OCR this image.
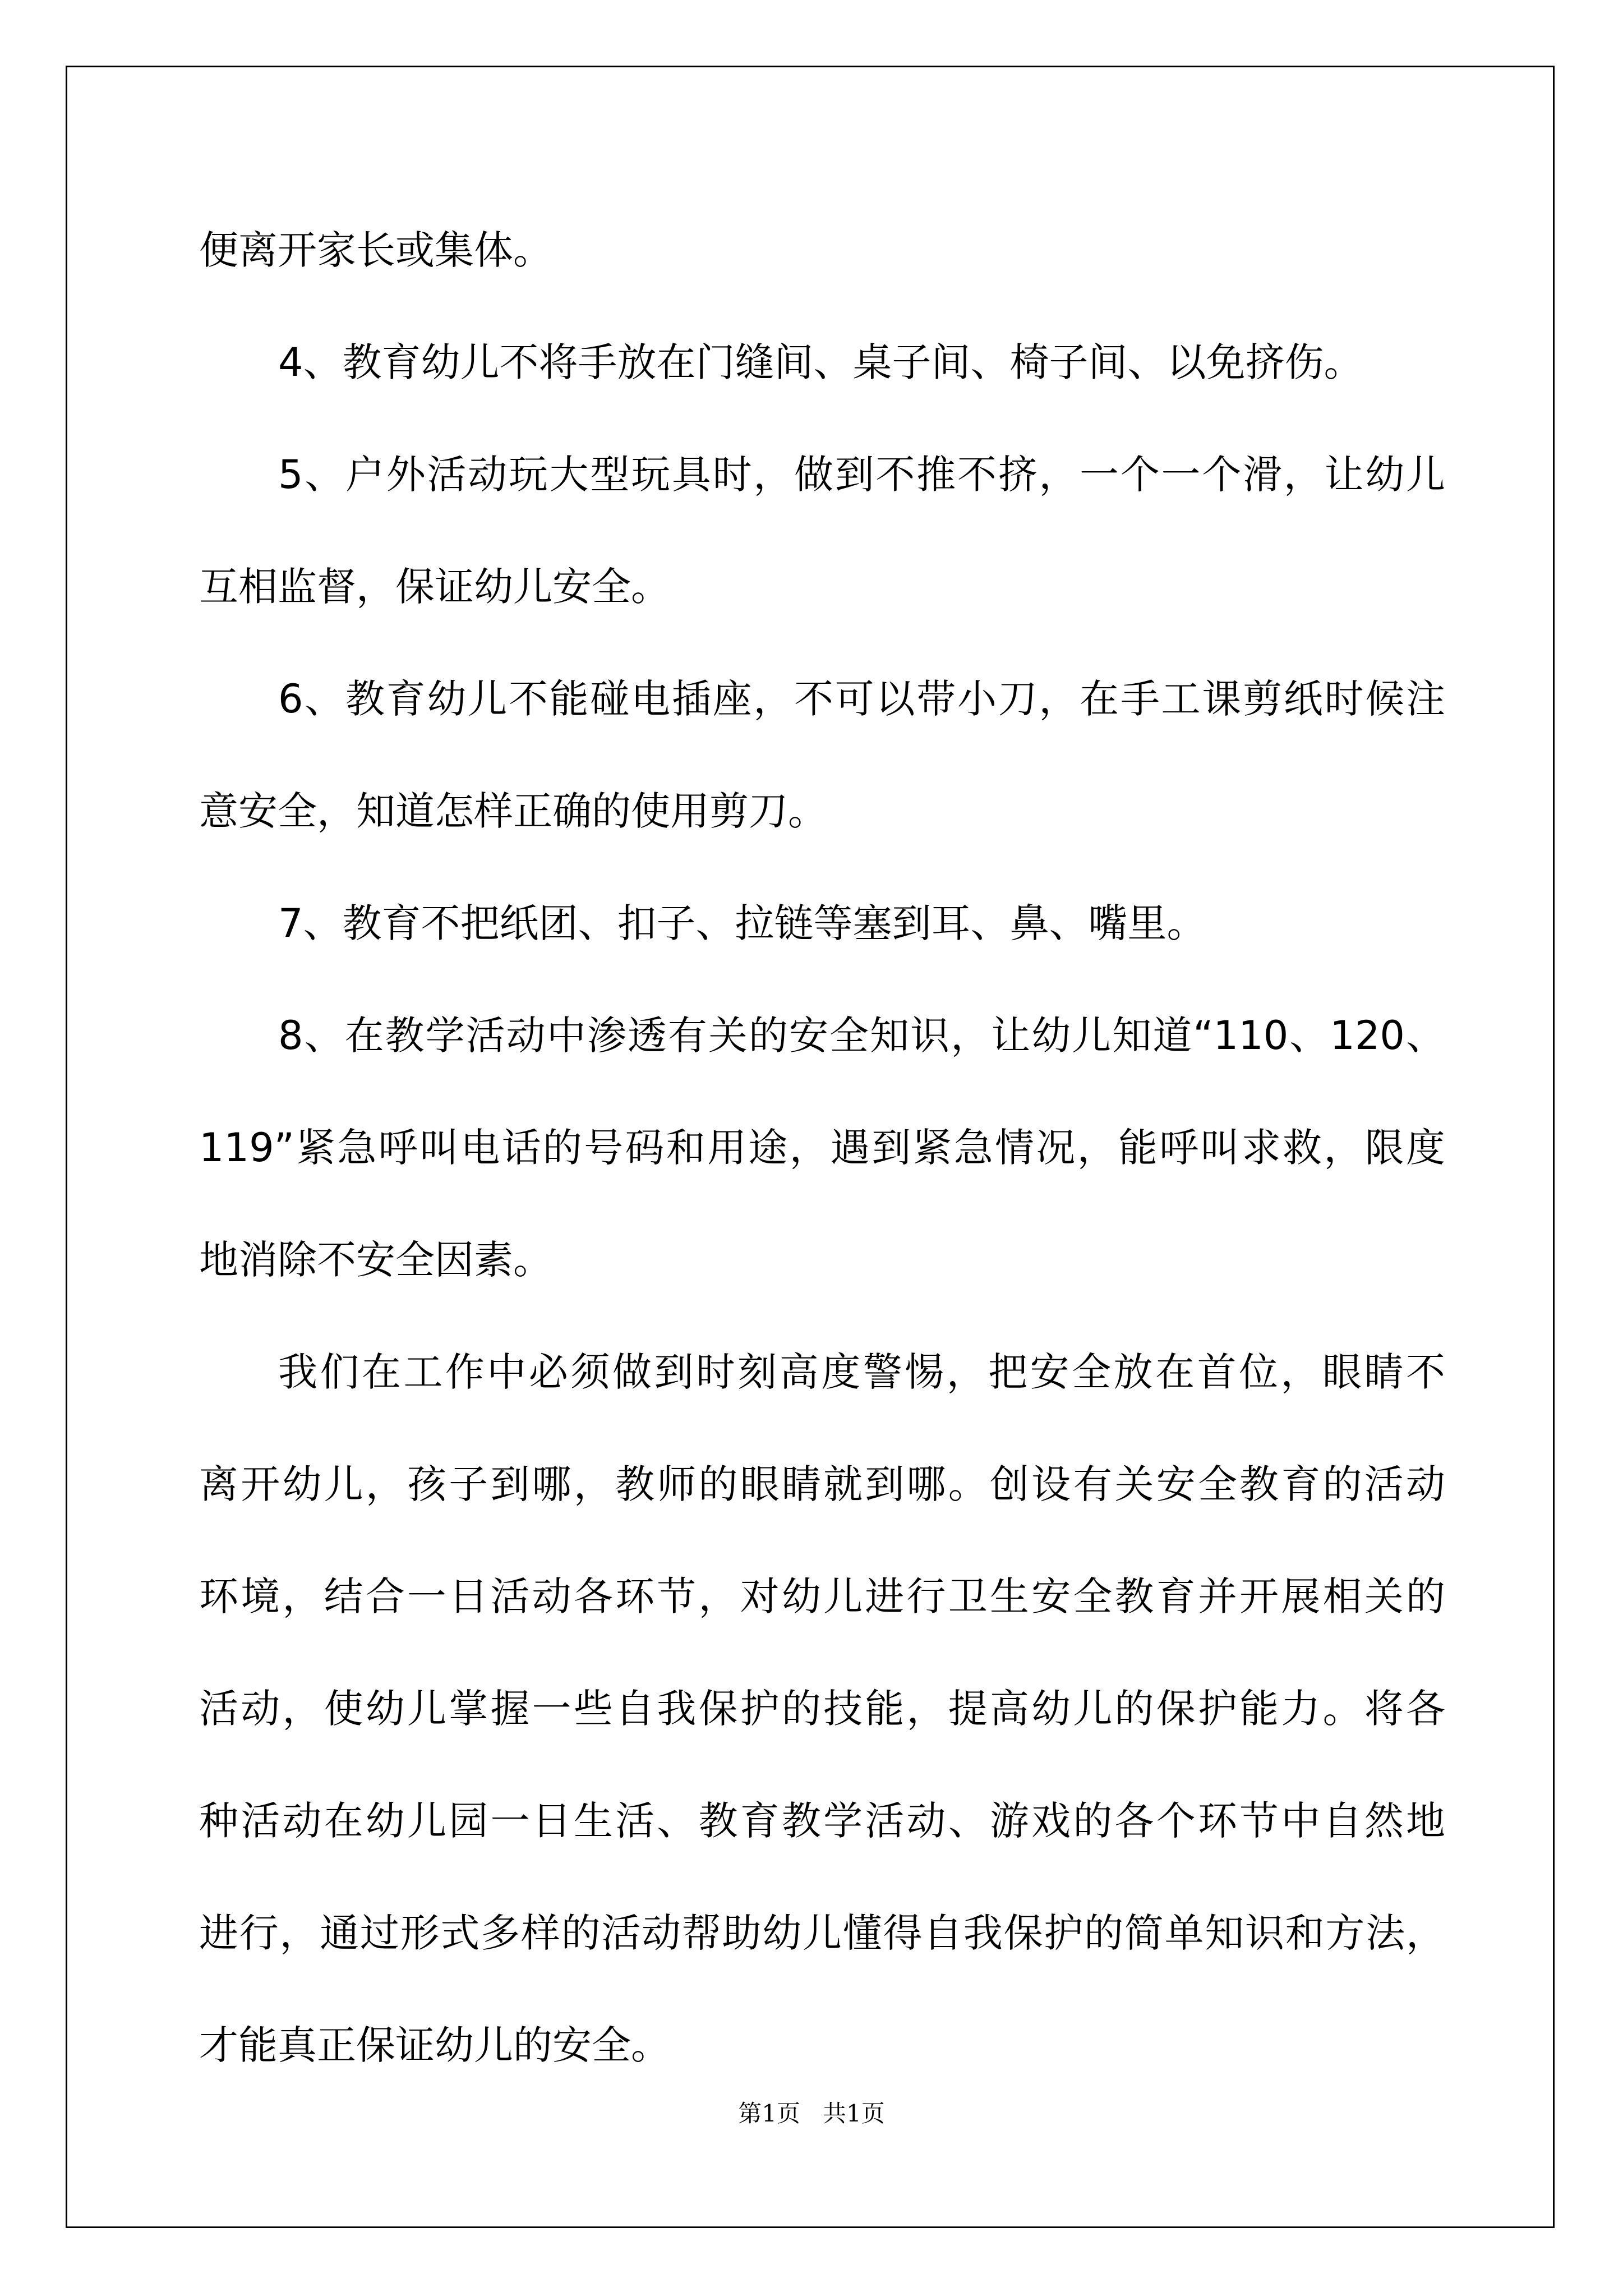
便离开家长或集体。
4、教育幼儿不将手放在门缝间、桌子间、椅子间、以免挤伤。
5、户外活动玩大型玩具时，做到不推不挤，一个一个滑，让幼儿
互相监督，保证幼儿安全。
6、教育幼儿不能碰电插座，不可以带小刀，在手工课剪纸时候注
意安全，知道怎样正确的使用剪刀。
7、教育不把纸团、扣子、拉链等塞到耳、鼻、嘴里。
8、在教学活动中渗透有关的安全知识，让幼儿知道“110、120、
119”紧急呼叫电话的号码和用途，遇到紧急情况，能呼叫求救，限度
地消除不安全因素。
我们在工作中必须做到时刻高度警惕，把安全放在首位，眼睛不
离开幼儿，孩子到哪，教师的眼睛就到哪。创设有关安全教育的活动
环境，结合一日活动各环节，对幼儿进行卫生安全教育并开展相关的
活动，使幼儿掌握一些自我保护的技能，提高幼儿的保护能力。将各
种活动在幼儿园一日生活、教育教学活动、游戏的各个环节中自然地
进行，通过形式多样的活动帮助幼儿懂得自我保护的简单知识和方法，
才能真正保证幼儿的安全。
第1页 共1页
